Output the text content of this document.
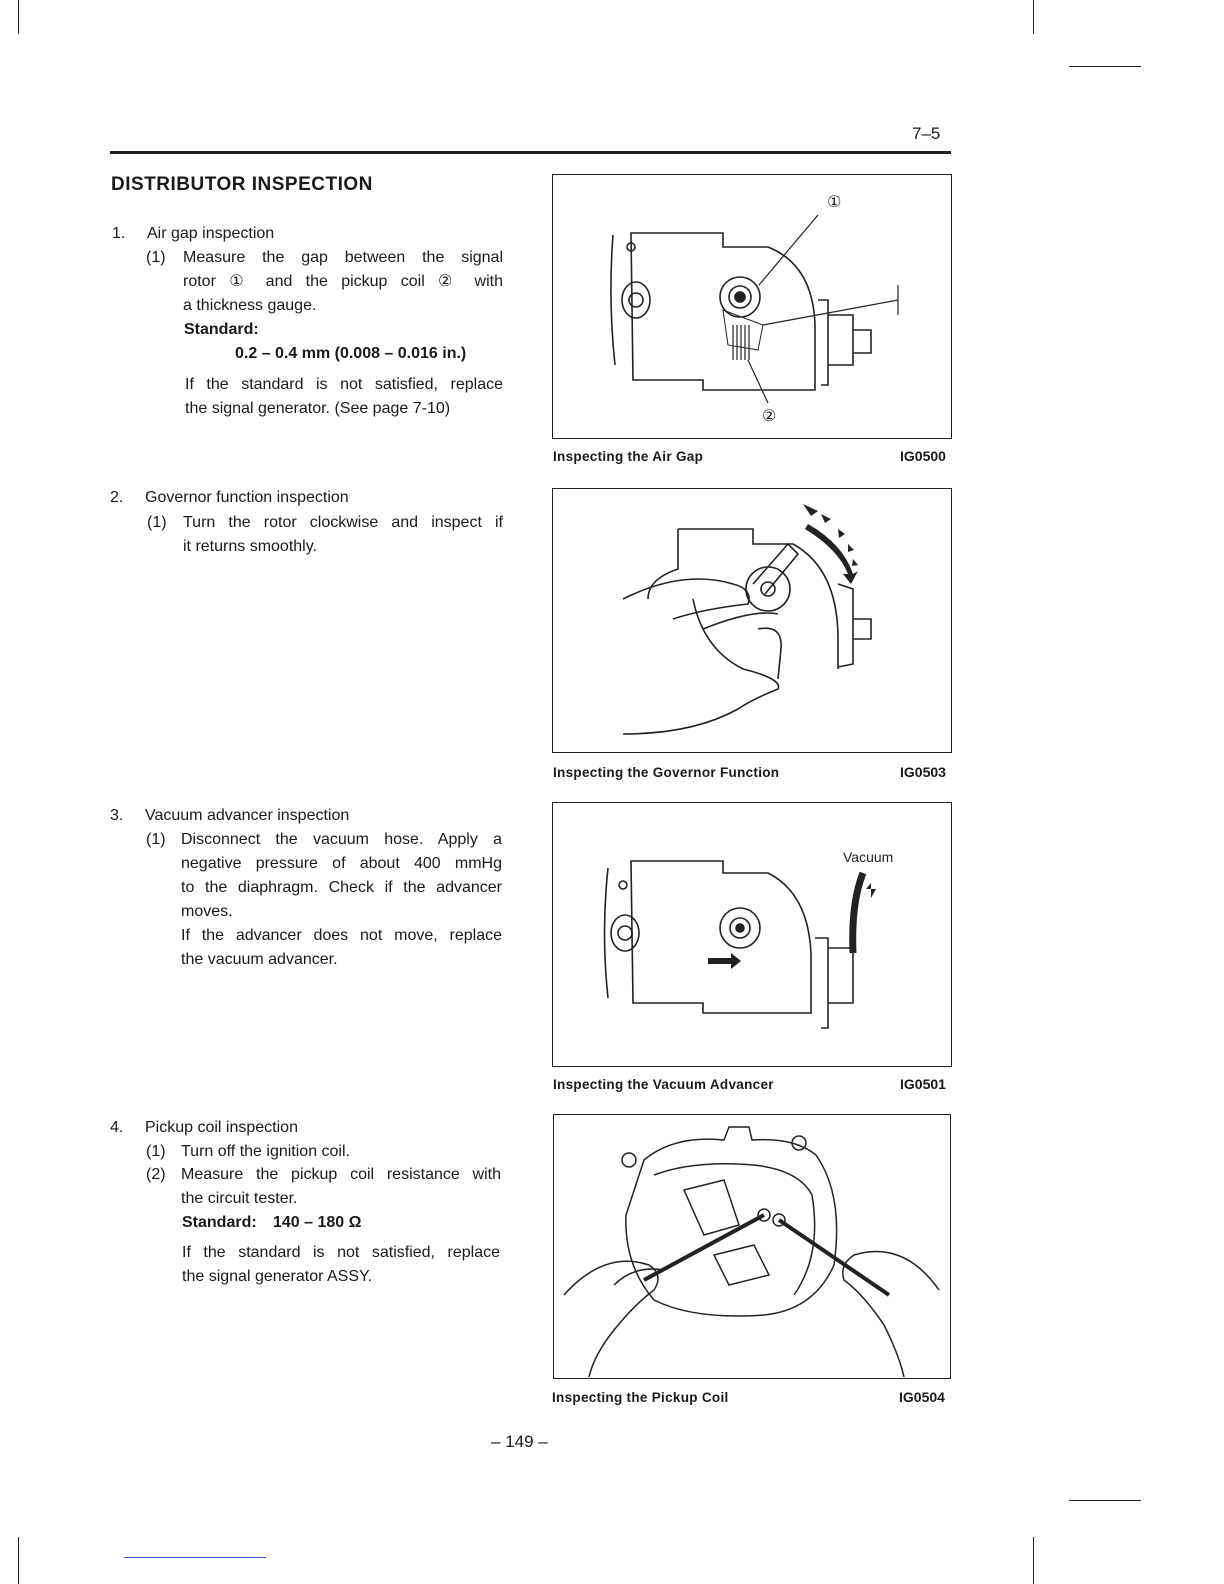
7–5
DISTRIBUTOR INSPECTION
1. Air gap inspection
(1) Measure the gap between the signal
rotor ① and the pickup coil ② with
a thickness gauge.
Standard:
0.2 – 0.4 mm (0.008 – 0.016 in.)
If the standard is not satisfied, replace
the signal generator. (See page 7-10)
2. Governor function inspection
(1) Turn the rotor clockwise and inspect if
it returns smoothly.
3. Vacuum advancer inspection
(1) Disconnect the vacuum hose. Apply a
negative pressure of about 400 mmHg
to the diaphragm. Check if the advancer
moves.
If the advancer does not move, replace
the vacuum advancer.
4. Pickup coil inspection
(1) Turn off the ignition coil.
(2) Measure the pickup coil resistance with
the circuit tester.
Standard: 140 – 180 Ω
If the standard is not satisfied, replace
the signal generator ASSY.
①
②
Inspecting the Air Gap	IG0500
Inspecting the Governor Function	IG0503
Vacuum
Inspecting the Vacuum Advancer	IG0501
Inspecting the Pickup Coil	IG0504
– 149 –
